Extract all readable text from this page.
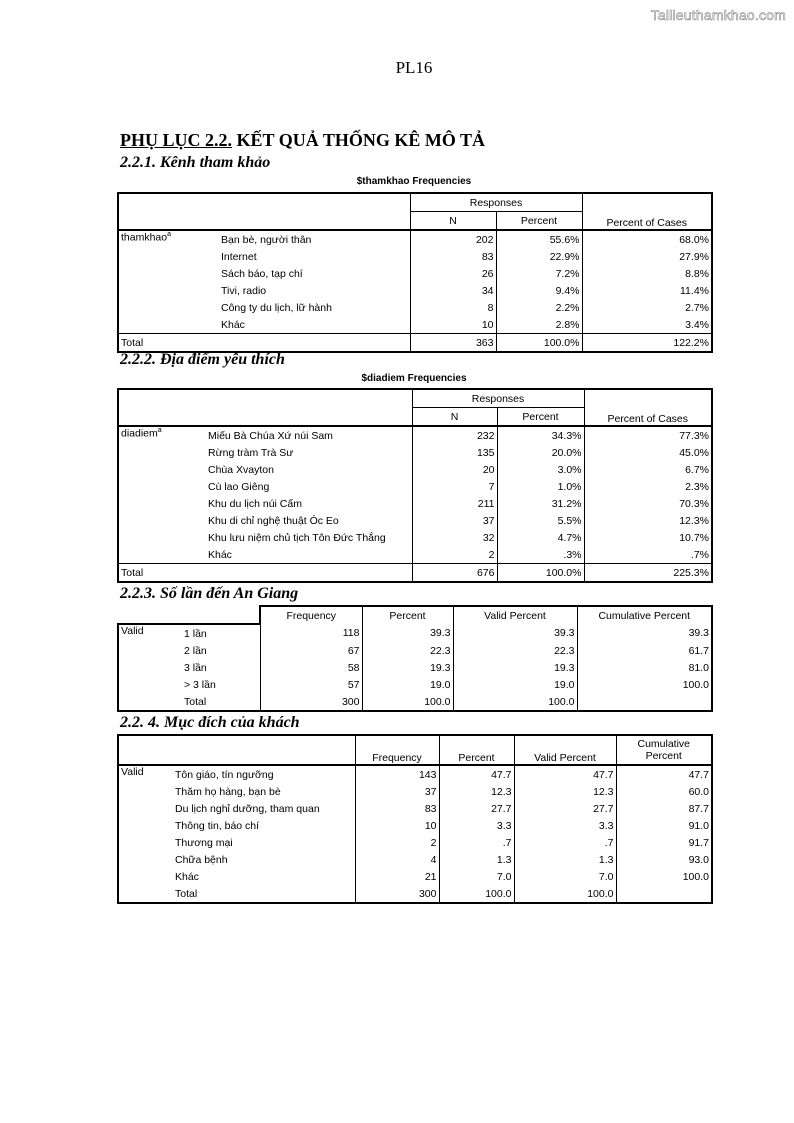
Tailieuthamkhao.com
PL16
PHỤ LỤC 2.2. KẾT QUẢ THỐNG KÊ MÔ TẢ
2.2.1. Kênh tham khảo
$thamkhao Frequencies
		Responses		Percent of Cases
		N	Percent	
thamkhao$^a$	Bạn bè, người thân	202	55.6%	68.0%
	Internet	83	22.9%	27.9%
	Sách báo, tạp chí	26	7.2%	8.8%
	Tivi, radio	34	9.4%	11.4%
	Công ty du lịch, lữ hành	8	2.2%	2.7%
	Khác	10	2.8%	3.4%
Total		363	100.0%	122.2%
2.2.2. Địa điểm yêu thích
$diadiem Frequencies
		Responses		Percent of Cases
		N	Percent	
diadiem$^a$	Miếu Bà Chúa Xứ núi Sam	232	34.3%	77.3%
	Rừng tràm Trà Sư	135	20.0%	45.0%
	Chùa Xvayton	20	3.0%	6.7%
	Cù lao Giêng	7	1.0%	2.3%
	Khu du lịch núi Cấm	211	31.2%	70.3%
	Khu di chỉ nghệ thuật Óc Eo	37	5.5%	12.3%
	Khu lưu niệm chủ tịch Tôn Đức Thắng	32	4.7%	10.7%
	Khác	2	.3%	.7%
Total		676	100.0%	225.3%
2.2.3. Số lần đến An Giang
		Frequency	Percent	Valid Percent	Cumulative Percent
Valid	1 lần	118	39.3	39.3	39.3
	2 lần	67	22.3	22.3	61.7
	3 lần	58	19.3	19.3	81.0
	> 3 lần	57	19.0	19.0	100.0
	Total	300	100.0	100.0	
2.2. 4. Mục đích của khách
		Frequency	Percent	Valid Percent	Cumulative
Percent
Valid	Tôn giáo, tín ngưỡng	143	47.7	47.7	47.7
	Thăm họ hàng, bạn bè	37	12.3	12.3	60.0
	Du lịch nghỉ dưỡng, tham quan	83	27.7	27.7	87.7
	Thông tin, báo chí	10	3.3	3.3	91.0
	Thương mại	2	.7	.7	91.7
	Chữa bệnh	4	1.3	1.3	93.0
	Khác	21	7.0	7.0	100.0
	Total	300	100.0	100.0	
